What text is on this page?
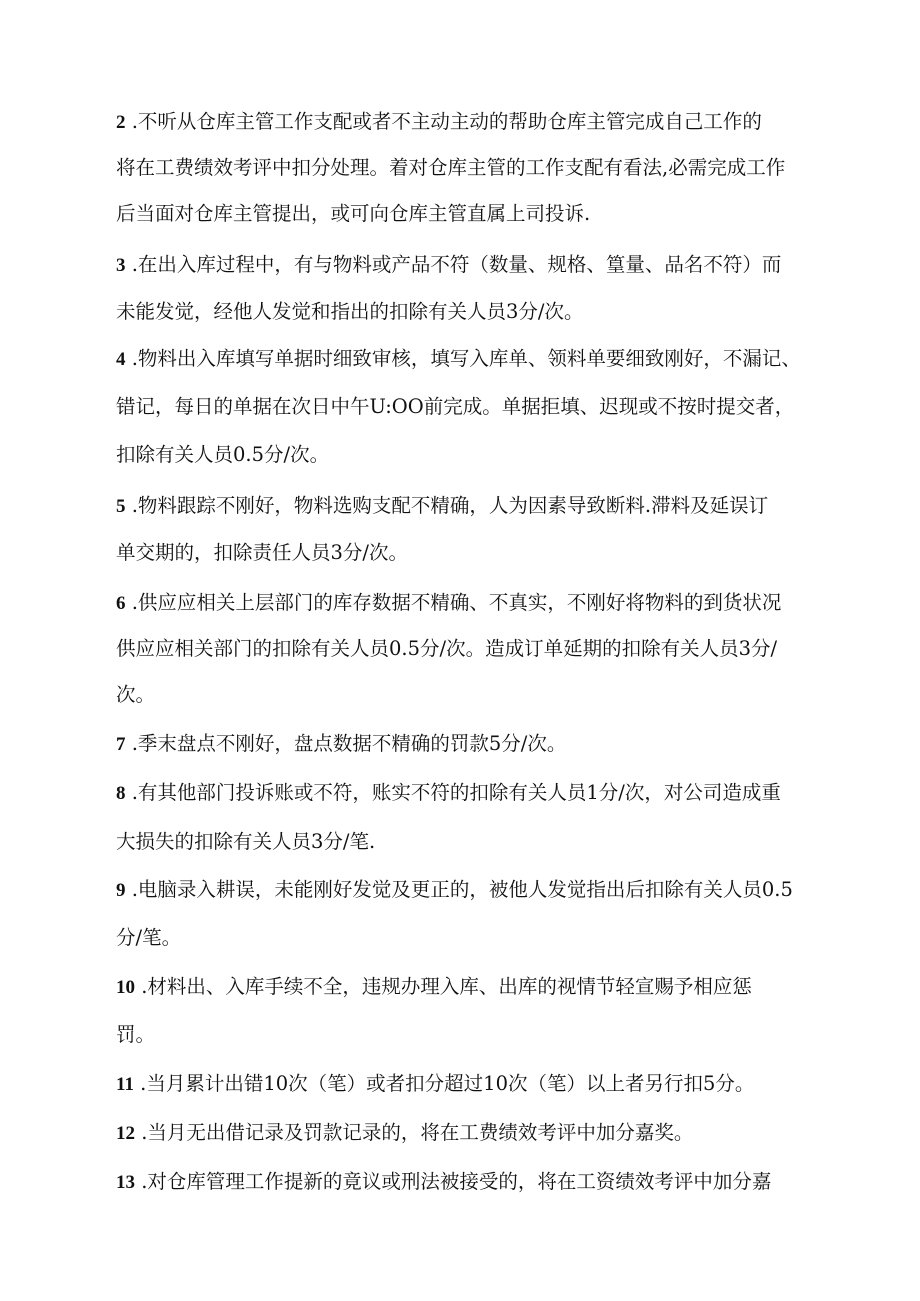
2 .不听从仓库主管工作支配或者不主动主动的帮助仓库主管完成自己工作的
将在工费绩效考评中扣分处理。着对仓库主管的工作支配有看法,必需完成工作
后当面对仓库主管提出，或可向仓库主管直属上司投诉.
3 .在出入库过程中，有与物料或产品不符（数量、规格、篁量、品名不符）而
未能发觉，经他人发觉和指出的扣除有关人员3分/次。
4 .物料出入库填写单据时细致审核，填写入库单、领料单要细致刚好，不漏记、
错记，每日的单据在次日中午U:OO前完成。单据拒填、迟现或不按时提交者，
扣除有关人员0.5分/次。
5 .物料跟踪不刚好，物料选购支配不精确，人为因素导致断料.滞料及延误订
单交期的，扣除责任人员3分/次。
6 .供应应相关上层部门的库存数据不精确、不真实，不刚好将物料的到货状况
供应应相关部门的扣除有关人员0.5分/次。造成订单延期的扣除有关人员3分/
次。
7 .季末盘点不刚好，盘点数据不精确的罚款5分/次。
8 .有其他部门投诉账或不符，账实不符的扣除有关人员1分/次，对公司造成重
大损失的扣除有关人员3分/笔.
9 .电脑录入耕误，未能刚好发觉及更正的，被他人发觉指出后扣除有关人员0.5
分/笔。
10 .材料出、入库手续不全，违规办理入库、出库的视情节轻宣赐予相应惩
罚。
11 .当月累计出错10次（笔）或者扣分超过10次（笔）以上者另行扣5分。
12 .当月无出借记录及罚款记录的，将在工费绩效考评中加分嘉奖。
13 .对仓库管理工作提新的竟议或刑法被接受的，将在工资绩效考评中加分嘉
